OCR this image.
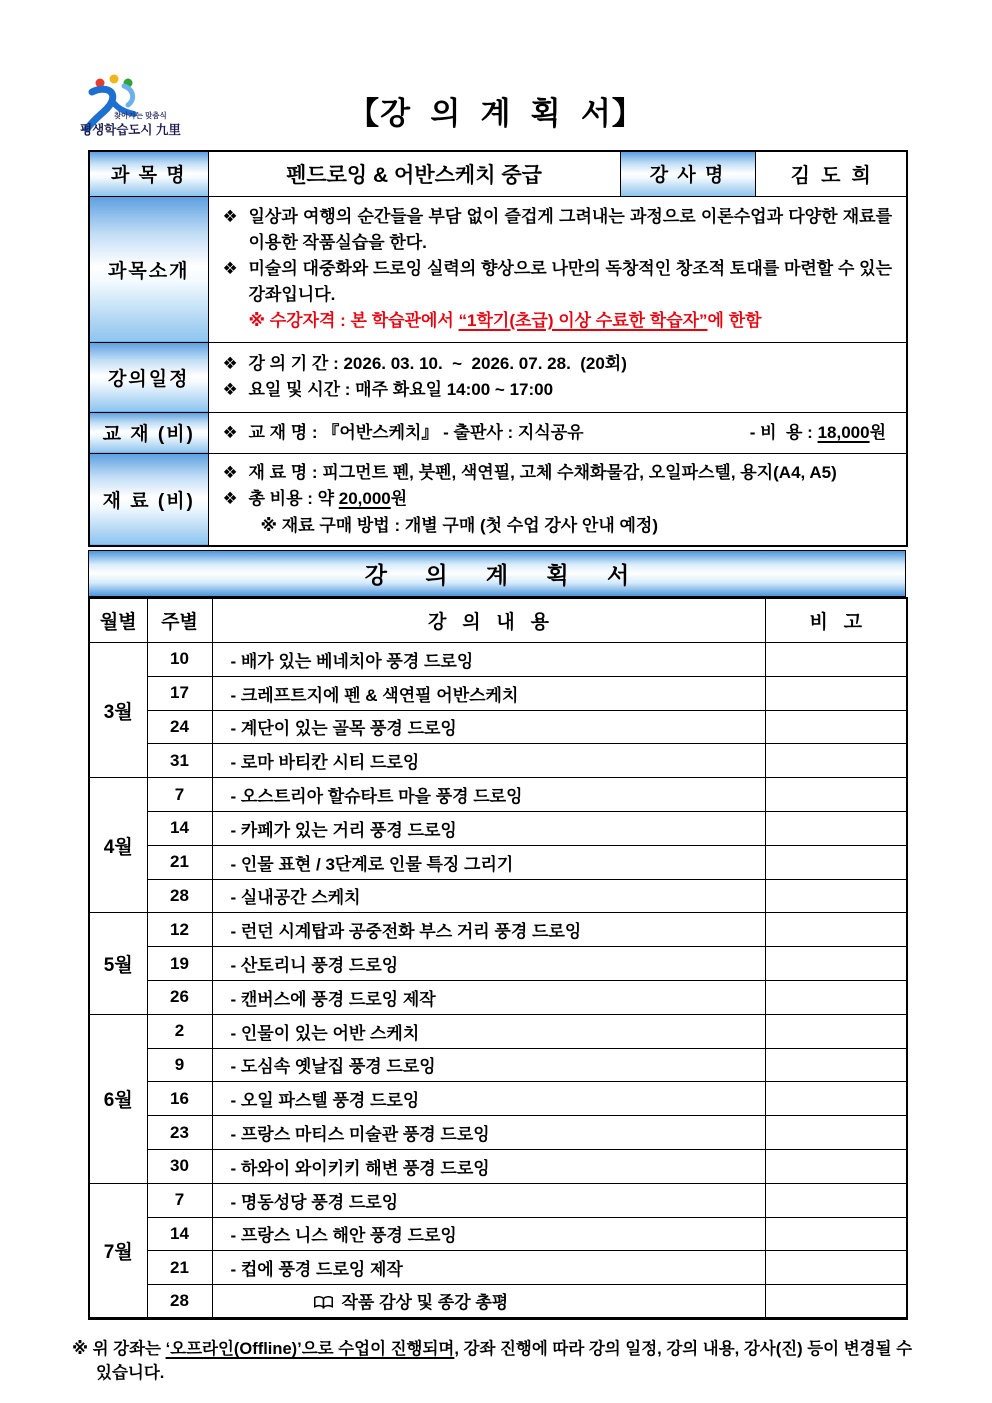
찾아가는 맞춤식
평생학습도시 九里	【강  의  계  획  서】
과 목 명	펜드로잉 & 어반스케치 중급	강 사 명	김  도  희
과목소개	❖ 일상과 여행의 순간들을 부담 없이 즐겁게 그려내는 과정으로 이론수업과 다양한 재료를 이용한 작품실습을 한다.
❖ 미술의 대중화와 드로잉 실력의 향상으로 나만의 독창적인 창조적 토대를 마련할 수 있는 강좌입니다.
※ 수강자격 : 본 학습관에서 “1학기(초급) 이상 수료한 학습자”에 한함		

강의일정	❖ 강 의 기 간 : 2026. 03. 10.  ~  2026. 07. 28.  (20회)
❖ 요일 및 시간 : 매주 화요일 14:00 ~ 17:00		

교 재 (비)	❖ 교 재 명 : 『어반스케치』 - 출판사 : 지식공유 - 비  용 : 18,000원		

재 료 (비)	❖ 재 료 명 : 피그먼트 펜, 붓펜, 색연필, 고체 수채화물감, 오일파스텔, 용지(A4, A5)
❖ 총 비용 : 약 20,000원
※ 재료 구매 방법 : 개별 구매 (첫 수업 강사 안내 예정)		
강      의      계      획      서
월별	주별	강   의   내   용	비   고
3월	10	- 배가 있는 베네치아 풍경 드로잉	
	17	- 크레프트지에 펜 & 색연필 어반스케치	
	24	- 계단이 있는 골목 풍경 드로잉	
	31	- 로마 바티칸 시티 드로잉	
4월	7	- 오스트리아 할슈타트 마을 풍경 드로잉	
	14	- 카페가 있는 거리 풍경 드로잉	
	21	- 인물 표현 / 3단계로 인물 특징 그리기	
	28	- 실내공간 스케치	
5월	12	- 런던 시계탑과 공중전화 부스 거리 풍경 드로잉	
	19	- 산토리니 풍경 드로잉	
	26	- 캔버스에 풍경 드로잉 제작	
6월	2	- 인물이 있는 어반 스케치	
	9	- 도심속 옛날집 풍경 드로잉	
	16	- 오일 파스텔 풍경 드로잉	
	23	- 프랑스 마티스 미술관 풍경 드로잉	
	30	- 하와이 와이키키 해변 풍경 드로잉	
7월	7	- 명동성당 풍경 드로잉	
	14	- 프랑스 니스 해안 풍경 드로잉	
	21	- 컵에 풍경 드로잉 제작	
	28	작품 감상 및 종강 총평	

※ 위 강좌는 ‘오프라인(Offline)’으로 수업이 진행되며, 강좌 진행에 따라 강의 일정, 강의 내용, 강사(진) 등이 변경될 수 있습니다.
